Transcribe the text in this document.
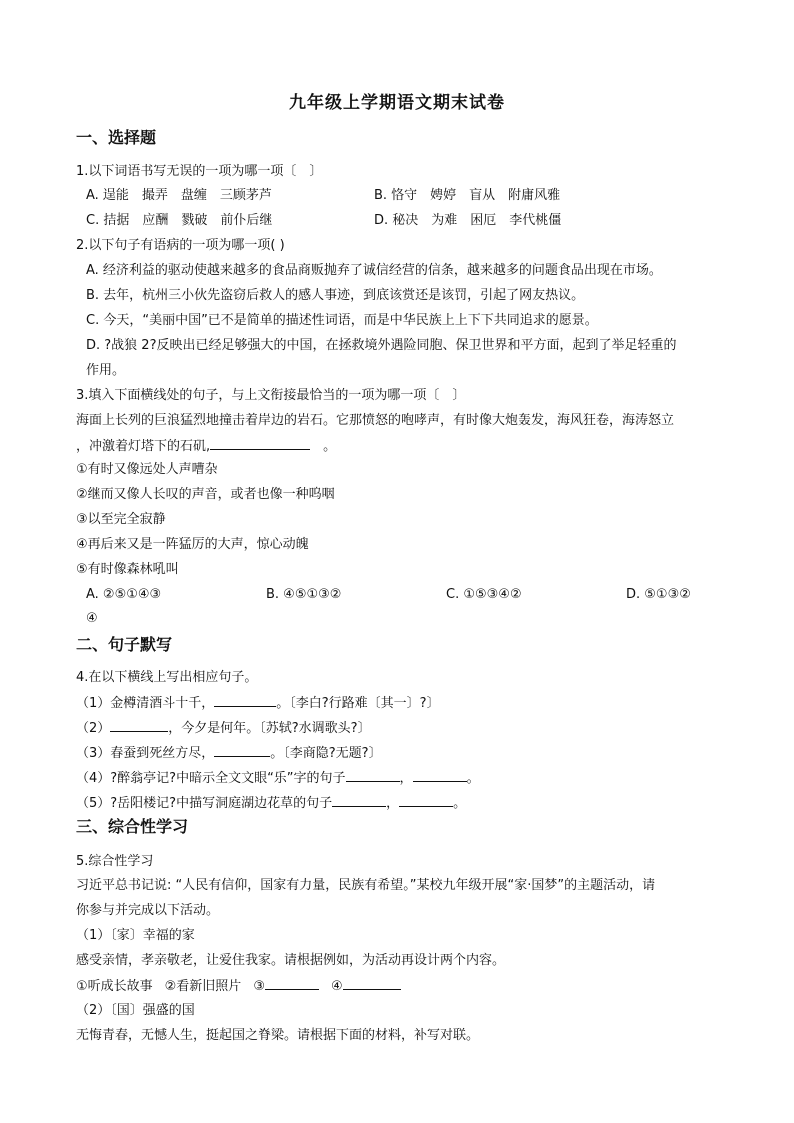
九年级上学期语文期末试卷
一、选择题
1.以下词语书写无误的一项为哪一项〔　〕
A. 逞能　撮弄　盘缠　三顾茅芦	B. 恪守　娉婷　盲从　附庸风雅
C. 拮据　应酬　戮破　前仆后继	D. 秘决　为难　困厄　李代桃僵
2.以下句子有语病的一项为哪一项( )
A. 经济利益的驱动使越来越多的食品商贩抛弃了诚信经营的信条，越来越多的问题食品出现在市场。
B. 去年，杭州三小伙先盗窃后救人的感人事迹，到底该赏还是该罚，引起了网友热议。
C. 今天，“美丽中国”已不是简单的描述性词语，而是中华民族上上下下共同追求的愿景。
D. ?战狼 2?反映出已经足够强大的中国，在拯救境外遇险同胞、保卫世界和平方面，起到了举足轻重的
作用。
3.填入下面横线处的句子，与上文衔接最恰当的一项为哪一项〔　〕
海面上长列的巨浪猛烈地撞击着岸边的岩石。它那愤怒的咆哮声，有时像大炮轰发，海风狂卷，海涛怒立
，冲激着灯塔下的石矶,	　。
①有时又像远处人声嘈杂
②继而又像人长叹的声音，或者也像一种呜咽
③以至完全寂静
④再后来又是一阵猛厉的大声，惊心动魄
⑤有时像森林吼叫
A. ②⑤①④③	B. ④⑤①③②	C. ①⑤③④②	D. ⑤①③②
④
二、句子默写
4.在以下横线上写出相应句子。
（1）金樽清酒斗十千，	。〔李白?行路难〔其一〕?〕
（2）	，今夕是何年。〔苏轼?水调歌头?〕
（3）春蚕到死丝方尽，	。〔李商隐?无题?〕
（4）?醉翁亭记?中暗示全文文眼“乐”字的句子	，	。
（5）?岳阳楼记?中描写洞庭湖边花草的句子	，	。
三、综合性学习
5.综合性学习
习近平总书记说: “人民有信仰，国家有力量，民族有希望。”某校九年级开展“家·国梦”的主题活动，请
你参与并完成以下活动。
（1）〔家〕幸福的家
感受亲情，孝亲敬老，让爱住我家。请根据例如，为活动再设计两个内容。
①听成长故事 ②看新旧照片 ③	④
（2）〔国〕强盛的国
无悔青春，无憾人生，挺起国之脊梁。请根据下面的材料，补写对联。
